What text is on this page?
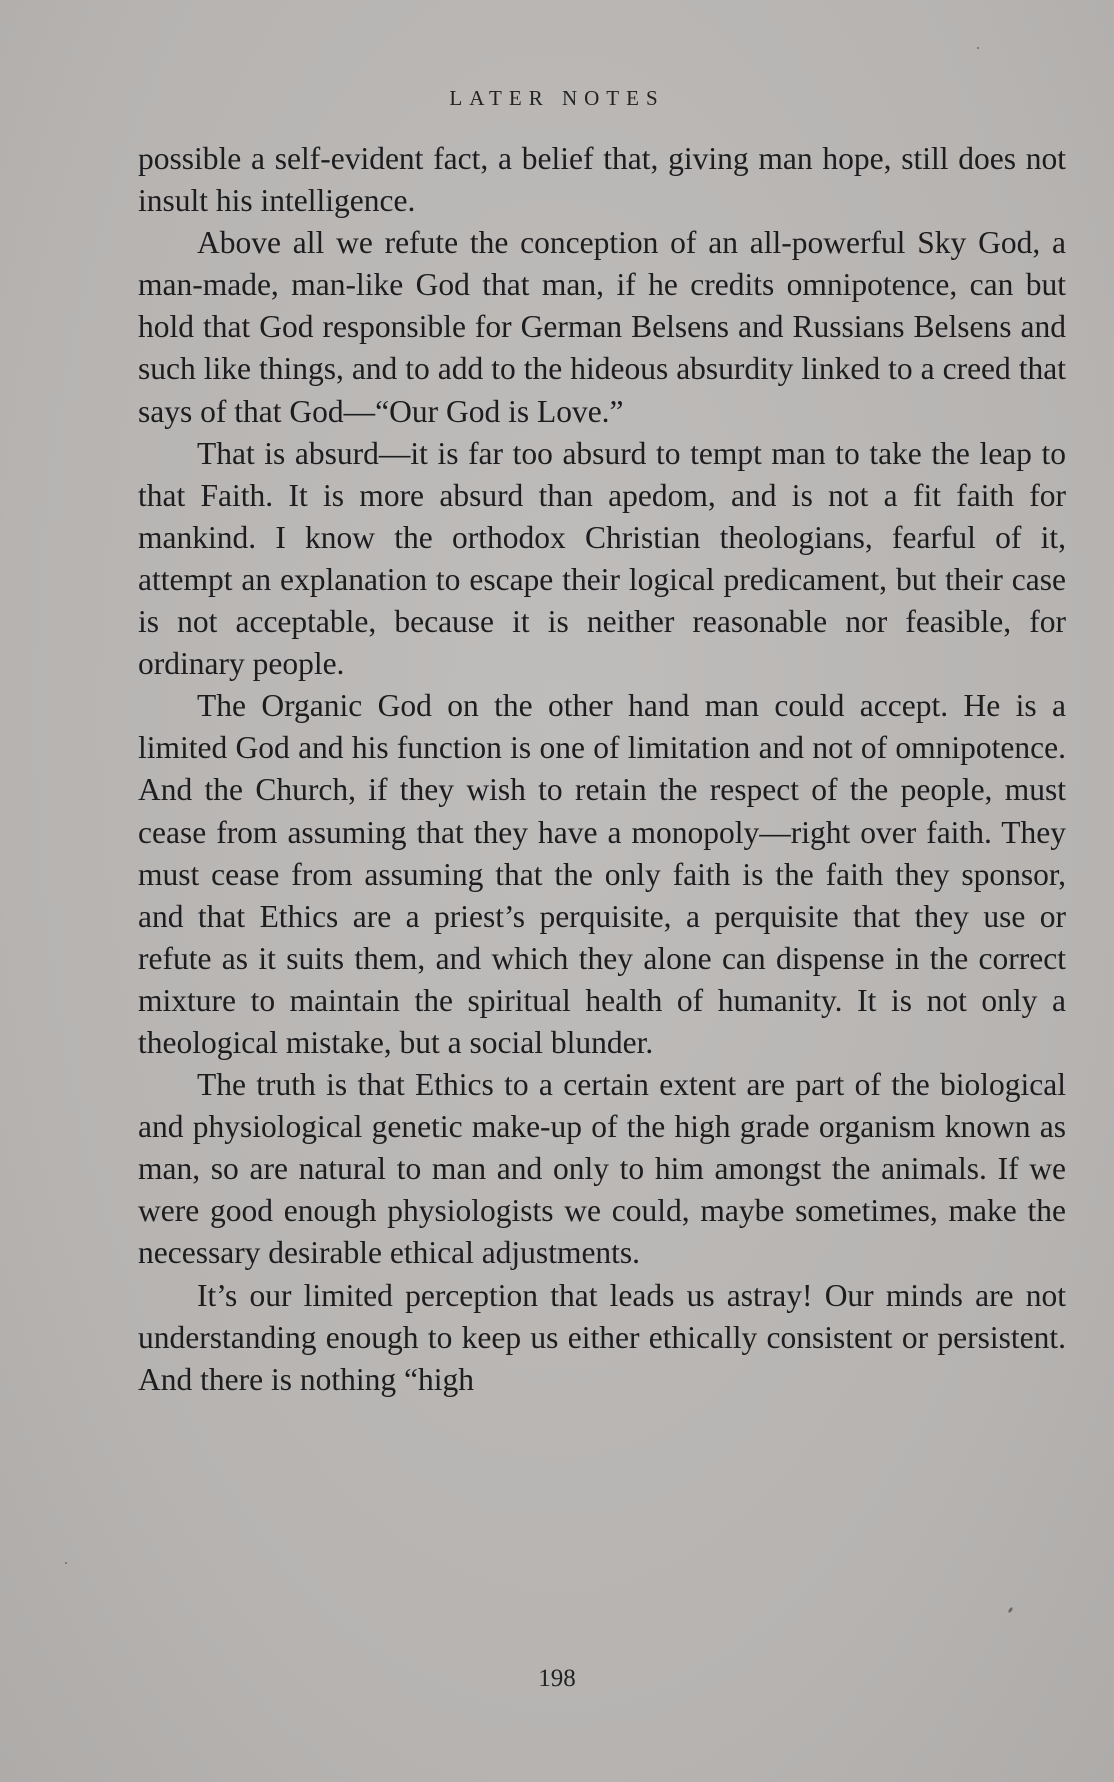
LATER NOTES

possible a self-evident fact, a belief that, giving man hope, still does not insult his intelligence.

Above all we refute the conception of an all-powerful Sky God, a man-made, man-like God that man, if he credits omnipotence, can but hold that God responsible for German Belsens and Russians Belsens and such like things, and to add to the hideous absurdity linked to a creed that says of that God—“Our God is Love.”

That is absurd—it is far too absurd to tempt man to take the leap to that Faith. It is more absurd than apedom, and is not a fit faith for mankind. I know the orthodox Christian theologians, fearful of it, attempt an explanation to escape their logical predicament, but their case is not acceptable, because it is neither reasonable nor feasible, for ordinary people.

The Organic God on the other hand man could accept. He is a limited God and his function is one of limitation and not of omnipotence. And the Church, if they wish to retain the respect of the people, must cease from assuming that they have a monopoly—right over faith. They must cease from assuming that the only faith is the faith they sponsor, and that Ethics are a priest’s perquisite, a perquisite that they use or refute as it suits them, and which they alone can dispense in the correct mixture to maintain the spiritual health of humanity. It is not only a theological mistake, but a social blunder.

The truth is that Ethics to a certain extent are part of the biological and physiological genetic make-up of the high grade organism known as man, so are natural to man and only to him amongst the animals. If we were good enough physiologists we could, maybe sometimes, make the necessary desirable ethical adjustments.

It’s our limited perception that leads us astray! Our minds are not understanding enough to keep us either ethically consistent or persistent. And there is nothing “high

198
